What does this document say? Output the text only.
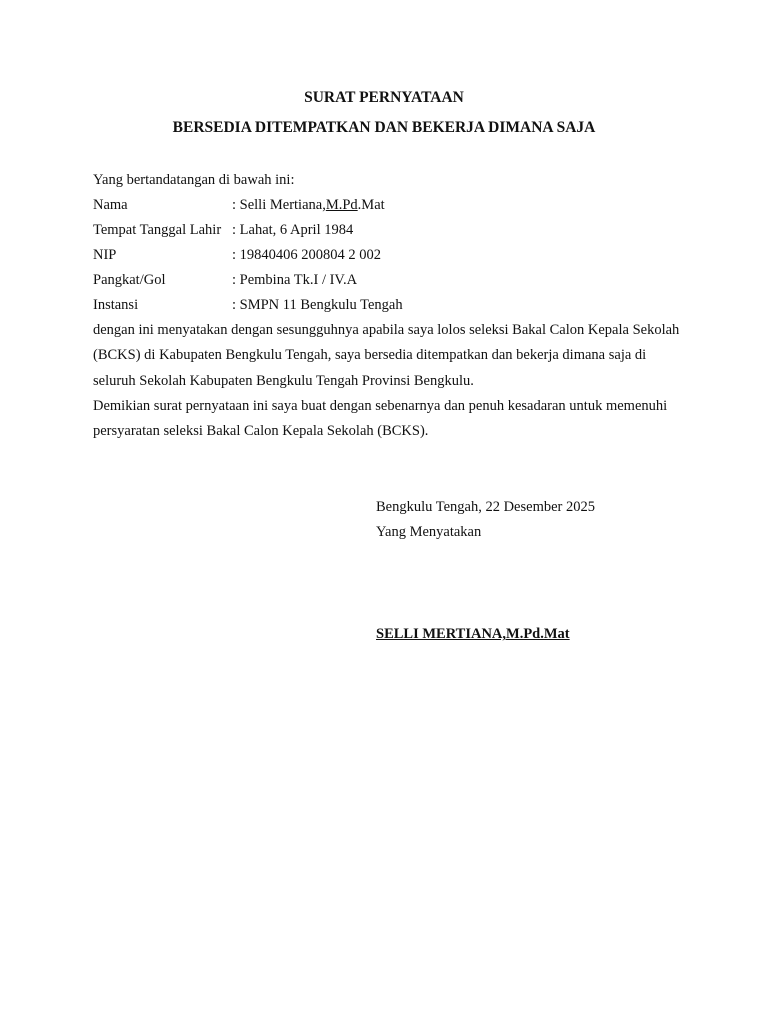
SURAT PERNYATAAN
BERSEDIA DITEMPATKAN DAN BEKERJA DIMANA SAJA

Yang bertandatangan di bawah ini:

Nama	: Selli Mertiana,M.Pd.Mat
Tempat Tanggal Lahir : Lahat, 6 April 1984
NIP	: 19840406 200804 2 002
Pangkat/Gol	: Pembina Tk.I / IV.A
Instansi	: SMPN 11 Bengkulu Tengah

dengan ini menyatakan dengan sesungguhnya apabila saya lolos seleksi Bakal Calon Kepala Sekolah (BCKS) di Kabupaten Bengkulu Tengah, saya bersedia ditempatkan dan bekerja dimana saja di seluruh Sekolah Kabupaten Bengkulu Tengah Provinsi Bengkulu.

Demikian surat pernyataan ini saya buat dengan sebenarnya dan penuh kesadaran untuk memenuhi persyaratan seleksi Bakal Calon Kepala Sekolah (BCKS).

Bengkulu Tengah, 22 Desember 2025

Yang Menyatakan

SELLI MERTIANA,M.Pd.Mat
